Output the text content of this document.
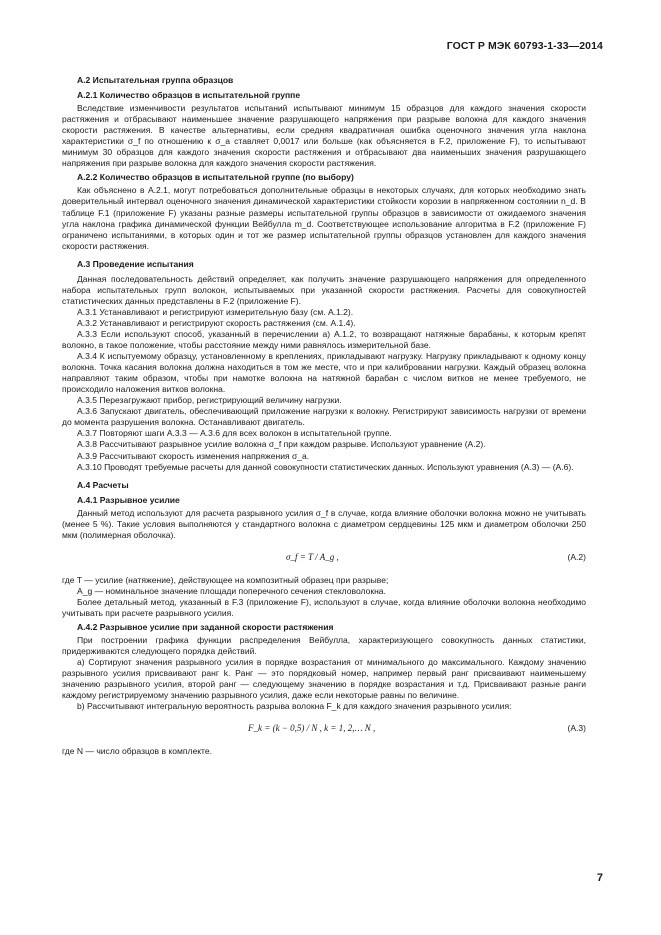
ГОСТ Р МЭК 60793-1-33—2014

А.2 Испытательная группа образцов

А.2.1 Количество образцов в испытательной группе

Вследствие изменчивости результатов испытаний испытывают минимум 15 образцов для каждого значения скорости растяжения и отбрасывают наименьшее значение разрушающего напряжения при разрыве волокна для каждого значения скорости растяжения. В качестве альтернативы, если средняя квадратичная ошибка оценочного значения угла наклона характеристики σ_f по отношению к σ_a ставляет 0,0017 или больше (как объясняется в F.2, приложение F), то испытывают минимум 30 образцов для каждого значения скорости растяжения и отбрасывают два наименьших значения разрушающего напряжения при разрыве волокна для каждого значения скорости растяжения.

А.2.2 Количество образцов в испытательной группе (по выбору)

Как объяснено в А.2.1, могут потребоваться дополнительные образцы в некоторых случаях, для которых необходимо знать доверительный интервал оценочного значения динамической характеристики стойкости корозии в напряженном состоянии n_d. В таблице F.1 (приложение F) указаны разные размеры испытательной группы образцов в зависимости от ожидаемого значения угла наклона графика динамической функции Вейбулла m_d. Соответствующее использование алгоритма в F.2 (приложение F) ограничено испытаниями, в которых один и тот же размер испытательной группы образцов установлен для каждого значения скорости растяжения.

А.3 Проведение испытания

Данная последовательность действий определяет, как получить значение разрушающего напряжения для определенного набора испытательных групп волокон, испытываемых при указанной скорости растяжения. Расчеты для совокупностей статистических данных представлены в F.2 (приложение F).

А.3.1 Устанавливают и регистрируют измерительную базу (см. А.1.2).

А.3.2 Устанавливают и регистрируют скорость растяжения (см. А.1.4).

А.3.3 Если используют способ, указанный в перечислении а) А.1.2, то возвращают натяжные барабаны, к которым крепят волокно, в такое положение, чтобы расстояние между ними равнялось измерительной базе.

А.3.4 К испытуемому образцу, установленному в креплениях, прикладывают нагрузку. Нагрузку прикладывают к одному концу волокна. Точка касания волокна должна находиться в том же месте, что и при калибровании нагрузки. Каждый образец волокна направляют таким образом, чтобы при намотке волокна на натяжной барабан с числом витков не менее требуемого, не происходило наложения витков волокна.

А.3.5 Перезагружают прибор, регистрирующий величину нагрузки.

А.3.6 Запускают двигатель, обеспечивающий приложение нагрузки к волокну. Регистрируют зависимость нагрузки от времени до момента разрушения волокна. Останавливают двигатель.

А.3.7 Повторяют шаги А.3.3 — А.3.6 для всех волокон в испытательной группе.

А.3.8 Рассчитывают разрывное усилие волокна σ_f при каждом разрыве. Используют уравнение (А.2).

А.3.9 Рассчитывают скорость изменения напряжения σ_a.

А.3.10 Проводят требуемые расчеты для данной совокупности статистических данных. Используют уравнения (А.3) — (А.6).

А.4 Расчеты

А.4.1 Разрывное усилие

Данный метод используют для расчета разрывного усилия σ_f в случае, когда влияние оболочки волокна можно не учитывать (менее 5 %). Такие условия выполняются у стандартного волокна с диаметром сердцевины 125 мкм и диаметром оболочки 250 мкм (полимерная оболочка).

σ_f = T / A_g ,	(А.2)

где T — усилие (натяжение), действующее на композитный образец при разрыве;

A_g — номинальное значение площади поперечного сечения стекловолокна.

Более детальный метод, указанный в F.3 (приложение F), используют в случае, когда влияние оболочки волокна необходимо учитывать при расчете разрывного усилия.

А.4.2 Разрывное усилие при заданной скорости растяжения

При построении графика функции распределения Вейбулла, характеризующего совокупность данных статистики, придерживаются следующего порядка действий.

а) Сортируют значения разрывного усилия в порядке возрастания от минимального до максимального. Каждому значению разрывного усилия присваивают ранг k. Ранг — это порядковый номер, например первый ранг присваивают наименьшему значению разрывного усилия, второй ранг — следующему значению в порядке возрастания и т.д. Присваивают разные ранги каждому регистрируемому значению разрывного усилия, даже если некоторые равны по величине.

b) Рассчитывают интегральную вероятность разрыва волокна F_k для каждого значения разрывного усилия:

F_k = (k − 0,5) / N , k = 1, 2,… N ,	(А.3)

где N — число образцов в комплекте.

7
